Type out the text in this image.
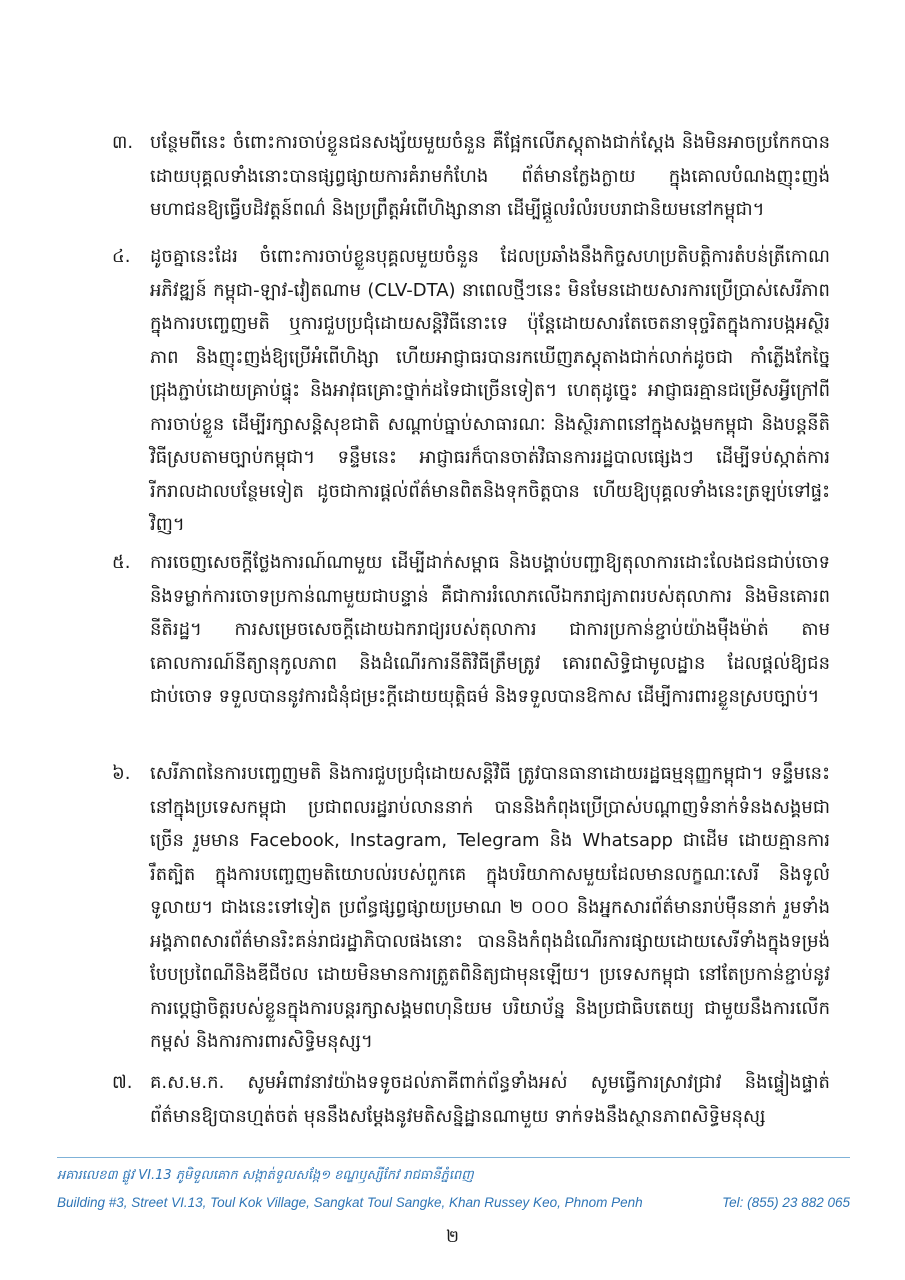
៣. បន្ថែមពីនេះ ចំពោះការចាប់ខ្លួនជនសង្ស័យមួយចំនួន គឺផ្អែកលើភស្តុតាងជាក់ស្តែង និងមិនអាចប្រកែកបាន ដោយបុគ្គលទាំងនោះបានផ្សព្វផ្សាយការគំរាមកំហែង ព័ត៌មានក្លែងក្លាយ ក្នុងគោលបំណងញុះញង់មហាជនឱ្យធ្វើបដិវត្តន៍ពណ៌ និងប្រព្រឹត្តអំពើហិង្សានានា ដើម្បីផ្តួលរំលំរបបរាជានិយមនៅកម្ពុជា។
៤. ដូចគ្នានេះដែរ ចំពោះការចាប់ខ្លួនបុគ្គលមួយចំនួន ដែលប្រឆាំងនឹងកិច្ចសហប្រតិបត្តិការតំបន់ត្រីកោណអភិវឌ្ឍន៍ កម្ពុជា-ឡាវ-វៀតណាម (CLV-DTA) នាពេលថ្មីៗនេះ មិនមែនដោយសារការប្រើប្រាស់សេរីភាពក្នុងការបញ្ចេញមតិ ឬការជួបប្រជុំដោយសន្តិវិធីនោះទេ ប៉ុន្តែដោយសារតែចេតនាទុច្ចរិតក្នុងការបង្កអស្ថិរភាព និងញុះញង់ឱ្យប្រើអំពើហិង្សា ហើយអាជ្ញាធរបានរកឃើញភស្តុតាងជាក់លាក់ដូចជា កាំភ្លើងកែច្នៃ ជ្រុងភ្ជាប់ដោយគ្រាប់ផ្ទុះ និងអាវុធគ្រោះថ្នាក់ដទៃជាច្រើនទៀត។ ហេតុដូច្នេះ អាជ្ញាធរគ្មានជម្រើសអ្វីក្រៅពីការចាប់ខ្លួន ដើម្បីរក្សាសន្តិសុខជាតិ សណ្តាប់ធ្នាប់សាធារណៈ និងស្ថិរភាពនៅក្នុងសង្គមកម្ពុជា និងបន្តនីតិវិធីស្របតាមច្បាប់កម្ពុជា។ ទន្ទឹមនេះ អាជ្ញាធរក៏បានចាត់វិធានការរដ្ឋបាលផ្សេងៗ ដើម្បីទប់ស្កាត់ការរីករាលដាលបន្ថែមទៀត ដូចជាការផ្តល់ព័ត៌មានពិតនិងទុកចិត្តបាន ហើយឱ្យបុគ្គលទាំងនេះត្រឡប់ទៅផ្ទះវិញ។
៥. ការចេញសេចក្តីថ្លែងការណ៍ណាមួយ ដើម្បីដាក់សម្ពាធ និងបង្គាប់បញ្ជាឱ្យតុលាការដោះលែងជនជាប់ចោទ និងទម្លាក់ការចោទប្រកាន់ណាមួយជាបន្ទាន់ គឺជាការរំលោភលើឯករាជ្យភាពរបស់តុលាការ និងមិនគោរពនីតិរដ្ឋ។ ការសម្រេចសេចក្តីដោយឯករាជ្យរបស់តុលាការ ជាការប្រកាន់ខ្ជាប់យ៉ាងម៉ឺងម៉ាត់ តាមគោលការណ៍នីត្យានុកូលភាព និងដំណើរការនីតិវិធីត្រឹមត្រូវ គោរពសិទ្ធិជាមូលដ្ឋាន ដែលផ្តល់ឱ្យជនជាប់ចោទ ទទួលបាននូវការជំនុំជម្រះក្តីដោយយុត្តិធម៌ និងទទួលបានឱកាស ដើម្បីការពារខ្លួនស្របច្បាប់។
៦. សេរីភាពនៃការបញ្ចេញមតិ និងការជួបប្រជុំដោយសន្តិវិធី ត្រូវបានធានាដោយរដ្ឋធម្មនុញ្ញកម្ពុជា។ ទន្ទឹមនេះ នៅក្នុងប្រទេសកម្ពុជា ប្រជាពលរដ្ឋរាប់លាននាក់ បាននិងកំពុងប្រើប្រាស់បណ្តាញទំនាក់ទំនងសង្គមជាច្រើន រួមមាន Facebook, Instagram, Telegram និង Whatsapp ជាដើម ដោយគ្មានការរឹតត្បិត ក្នុងការបញ្ចេញមតិយោបល់របស់ពួកគេ ក្នុងបរិយាកាសមួយដែលមានលក្ខណៈសេរី និងទូលំទូលាយ។ ជាងនេះទៅទៀត ប្រព័ន្ធផ្សព្វផ្សាយប្រមាណ ២ ០០០ និងអ្នកសារព័ត៌មានរាប់ម៉ឺននាក់ រួមទាំងអង្គភាពសារព័ត៌មានរិះគន់រាជរដ្ឋាភិបាលផងនោះ បាននិងកំពុងដំណើរការផ្សាយដោយសេរីទាំងក្នុងទម្រង់បែបប្រពៃណីនិងឌីជីថល ដោយមិនមានការត្រួតពិនិត្យជាមុនឡើយ។ ប្រទេសកម្ពុជា នៅតែប្រកាន់ខ្ជាប់នូវការប្តេជ្ញាចិត្តរបស់ខ្លួនក្នុងការបន្តរក្សាសង្គមពហុនិយម បរិយាប័ន្ន និងប្រជាធិបតេយ្យ ជាមួយនឹងការលើកកម្ពស់ និងការការពារសិទ្ធិមនុស្ស។
៧. គ.ស.ម.ក. សូមអំពាវនាវយ៉ាងទទូចដល់ភាគីពាក់ព័ន្ធទាំងអស់ សូមធ្វើការស្រាវជ្រាវ និងផ្ទៀងផ្ទាត់ព័ត៌មានឱ្យបានហ្មត់ចត់ មុននឹងសម្តែងនូវមតិសន្និដ្ឋានណាមួយ ទាក់ទងនឹងស្ថានភាពសិទ្ធិមនុស្ស
អគារលេខ៣ ផ្លូវ VI.13 ភូមិទួលគោក សង្កាត់ទួលសង្កែ១ ខណ្ឌឫស្សីកែវ រាជធានីភ្នំពេញ
Building #3, Street VI.13, Toul Kok Village, Sangkat Toul Sangke, Khan Russey Keo, Phnom Penh	Tel: (855) 23 882 065
២
